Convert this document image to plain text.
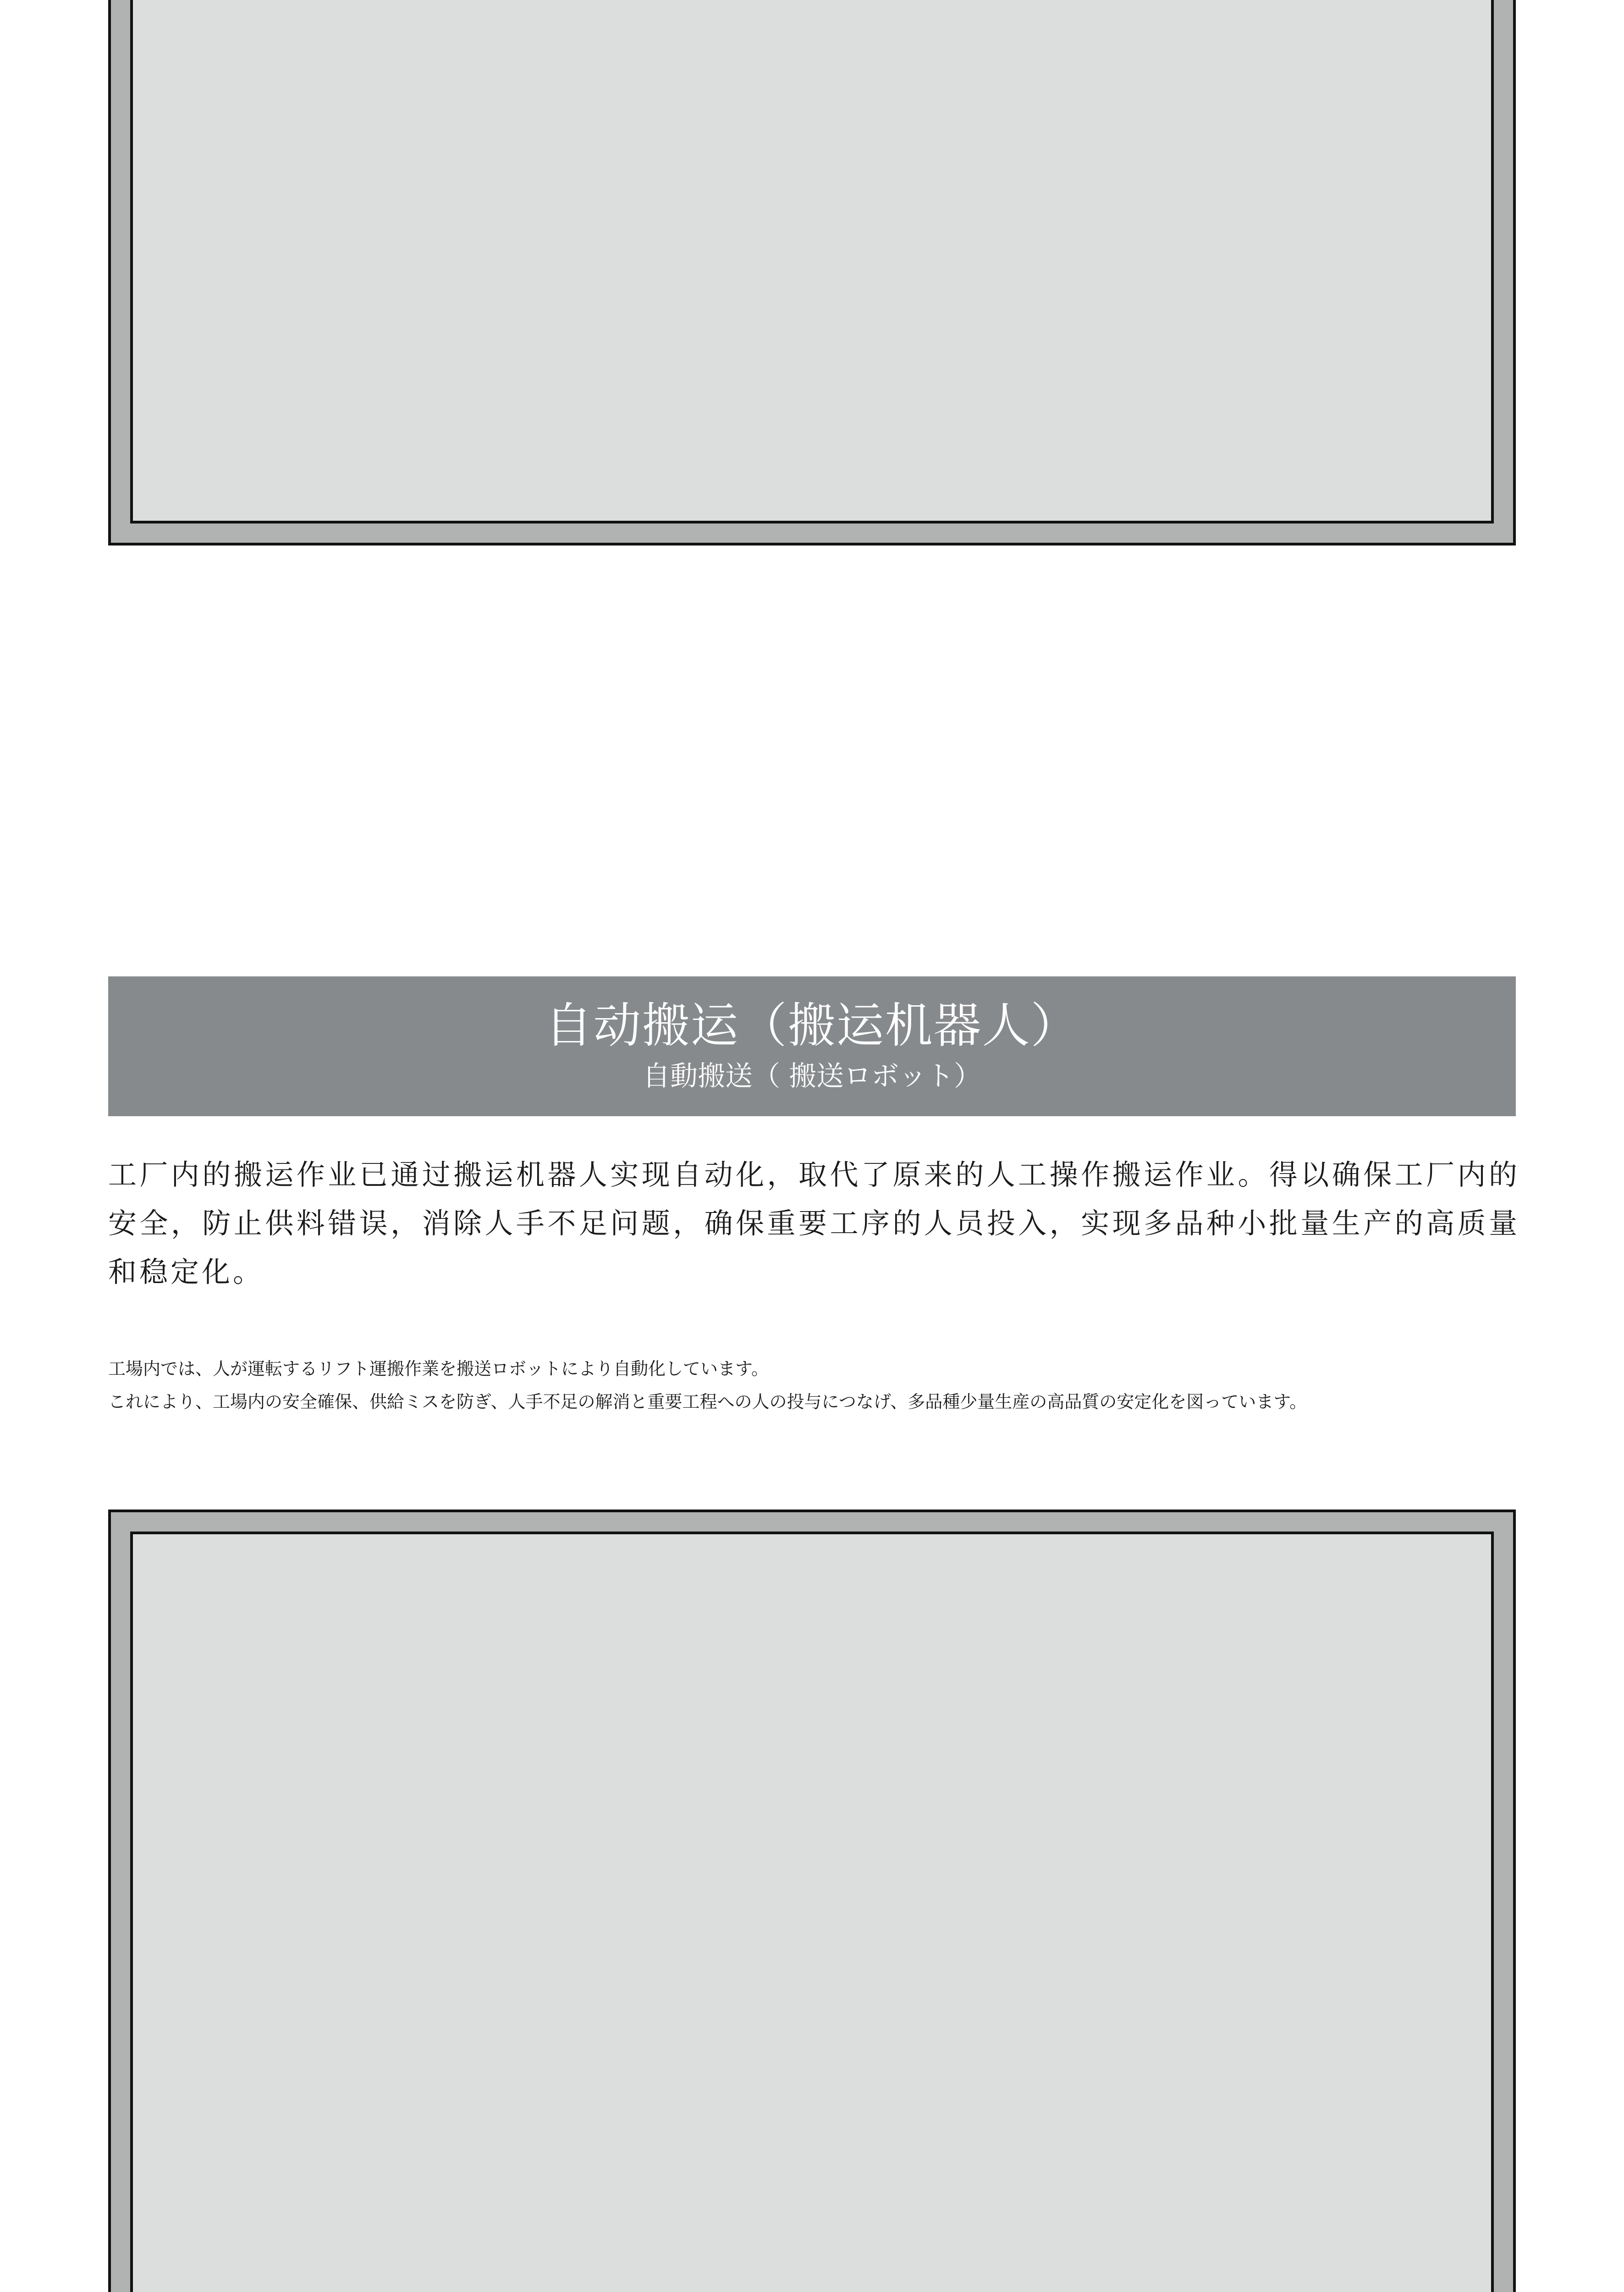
自动搬运（搬运机器人）
自動搬送（ 搬送ロボット）

工厂内的搬运作业已通过搬运机器人实现自动化，取代了原来的人工操作搬运作业。得以确保工厂内的安全，防止供料错误，消除人手不足问题，确保重要工序的人员投入，实现多品种小批量生产的高质量和稳定化。

工場内では、人が運転するリフト運搬作業を搬送ロボットにより自動化しています。
これにより、工場内の安全確保、供給ミスを防ぎ、人手不足の解消と重要工程への人の投与につなげ、多品種少量生産の高品質の安定化を図っています。
